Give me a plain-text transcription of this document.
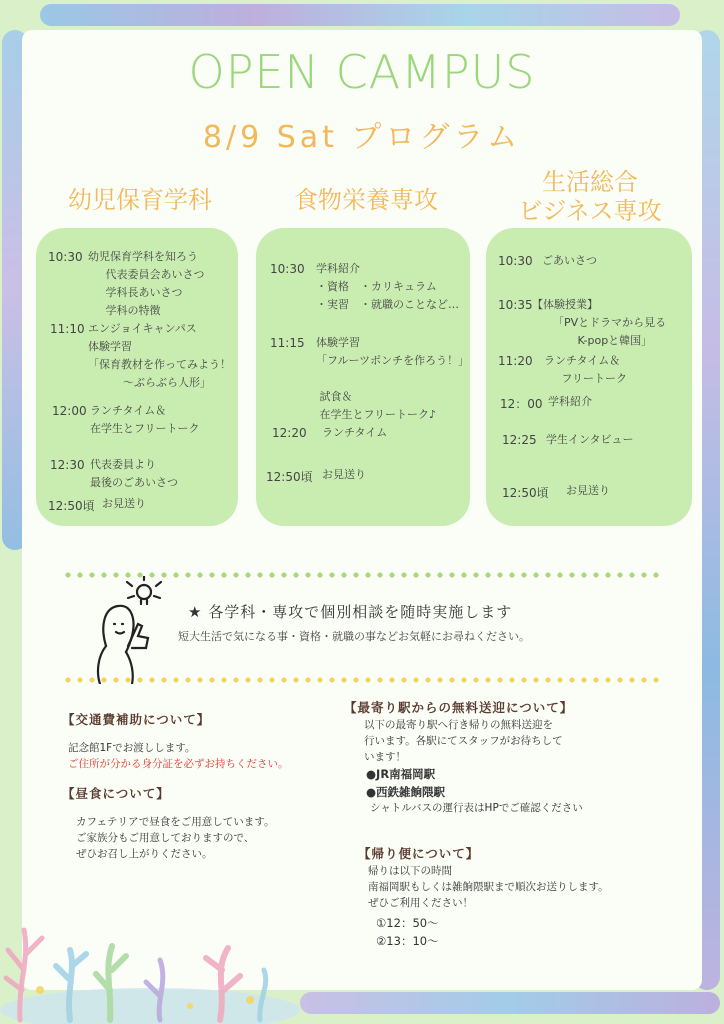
OPEN CAMPUS
8/9 Sat プログラム
幼児保育学科	食物栄養専攻
生活総合
ビジネス専攻
10:30 幼児保育学科を知ろう
代表委員会あいさつ
学科長あいさつ
学科の特徴
11:10 エンジョイキャンパス
体験学習
「保育教材を作ってみよう！
～ぶらぶら人形」
12:00 ランチタイム＆
在学生とフリートーク
12:30 代表委員より
最後のごあいさつ
12:50頃 お見送り
10:30 学科紹介
・資格　・カリキュラム
・実習　・就職のことなど…
11:15 体験学習
「フルーツポンチを作ろう！」

試食＆
在学生とフリートーク♪
12:20 ランチタイム
12:50頃 お見送り
10:30 ごあいさつ
10:35 【体験授業】
「PVとドラマから見る
K-popと韓国」
11:20 ランチタイム＆
フリートーク
12：00 学科紹介
12:25 学生インタビュー
12:50頃 お見送り
★ 各学科・専攻で個別相談を随時実施します
短大生活で気になる事・資格・就職の事などお気軽にお尋ねください。
【交通費補助について】
記念館1Fでお渡しします。
ご住所が分かる身分証を必ずお持ちください。
【昼食について】
カフェテリアで昼食をご用意しています。
ご家族分もご用意しておりますので、
ぜひお召し上がりください。
【最寄り駅からの無料送迎について】
以下の最寄り駅へ行き帰りの無料送迎を
行います。各駅にてスタッフがお待ちして
います！
●JR南福岡駅
●西鉄雑餉隈駅
シャトルバスの運行表はHPでご確認ください
【帰り便について】
帰りは以下の時間
南福岡駅もしくは雑餉隈駅まで順次お送りします。
ぜひご利用ください！
①12：50～
②13：10～
